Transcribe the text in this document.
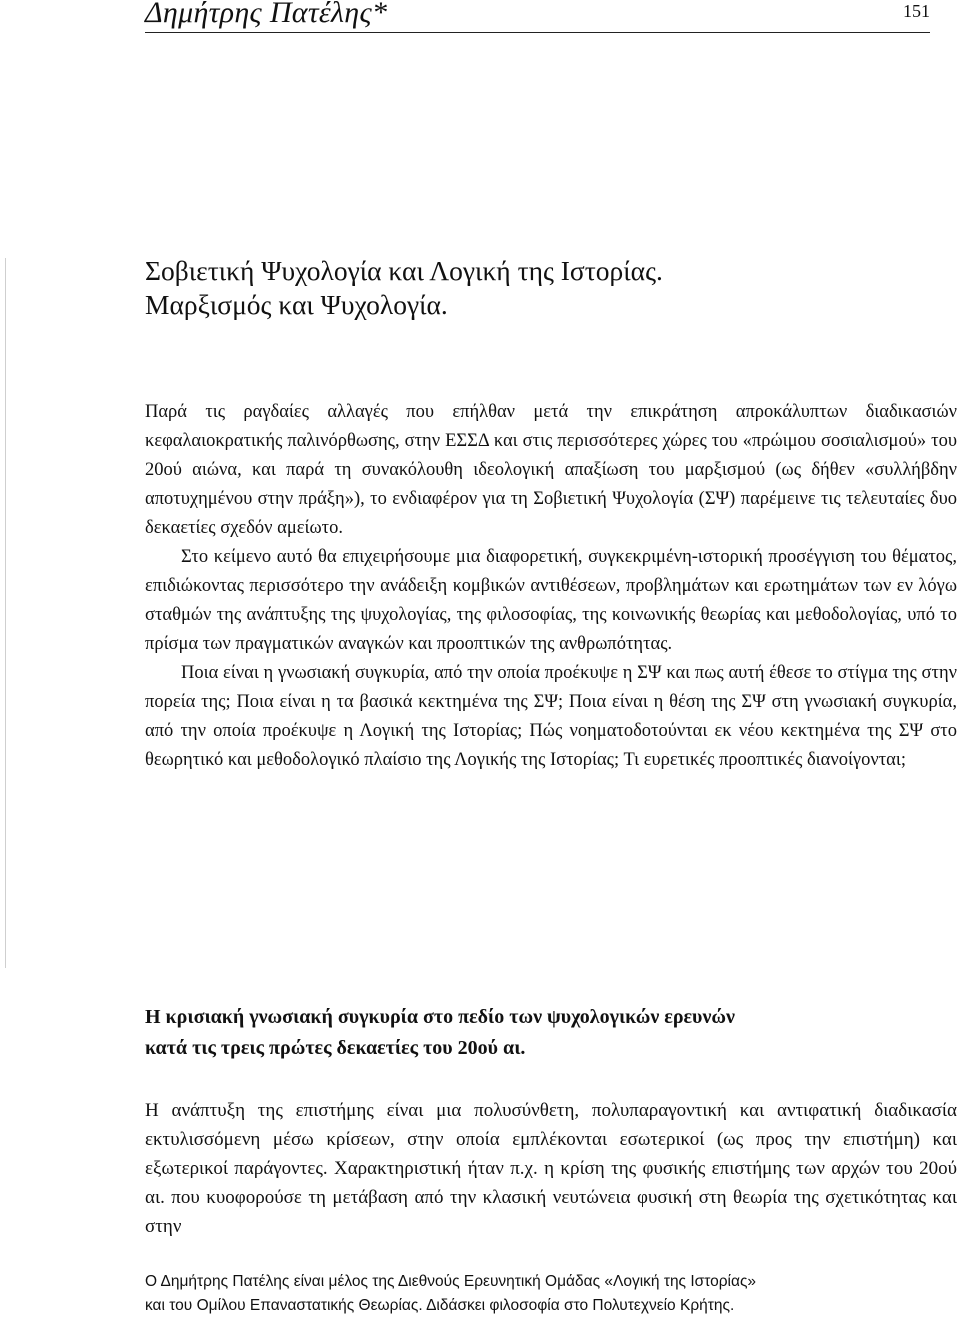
Δημήτρης Πατέλης*	151
Σοβιετική Ψυχολογία και Λογική της Ιστορίας.
Μαρξισμός και Ψυχολογία.

Παρά τις ραγδαίες αλλαγές που επήλθαν μετά την επικράτηση απροκάλυπτων διαδικασιών κεφαλαιοκρατικής παλινόρθωσης, στην ΕΣΣΔ και στις περισσότερες χώρες του «πρώιμου σοσιαλισμού» του 20ού αιώνα, και παρά τη συνακόλουθη ιδεολογική απαξίωση του μαρξισμού (ως δήθεν «συλλήβδην αποτυχημένου στην πράξη»), το ενδιαφέρον για τη Σοβιετική Ψυχολογία (ΣΨ) παρέμεινε τις τελευταίες δυο δεκαετίες σχεδόν αμείωτο.

Στο κείμενο αυτό θα επιχειρήσουμε μια διαφορετική, συγκεκριμένη-ιστορική προσέγγιση του θέματος, επιδιώκοντας περισσότερο την ανάδειξη κομβικών αντιθέσεων, προβλημάτων και ερωτημάτων των εν λόγω σταθμών της ανάπτυξης της ψυχολογίας, της φιλοσοφίας, της κοινωνικής θεωρίας και μεθοδολογίας, υπό το πρίσμα των πραγματικών αναγκών και προοπτικών της ανθρωπότητας.

Ποια είναι η γνωσιακή συγκυρία, από την οποία προέκυψε η ΣΨ και πως αυτή έθεσε το στίγμα της στην πορεία της; Ποια είναι η τα βασικά κεκτημένα της ΣΨ; Ποια είναι η θέση της ΣΨ στη γνωσιακή συγκυρία, από την οποία προέκυψε η Λογική της Ιστορίας; Πώς νοηματοδοτούνται εκ νέου κεκτημένα της ΣΨ στο θεωρητικό και μεθοδολογικό πλαίσιο της Λογικής της Ιστορίας; Τι ευρετικές προοπτικές διανοίγονται;

Η κρισιακή γνωσιακή συγκυρία στο πεδίο των ψυχολογικών ερευνών
κατά τις τρεις πρώτες δεκαετίες του 20ού αι.

Η ανάπτυξη της επιστήμης είναι μια πολυσύνθετη, πολυπαραγοντική και αντιφατική διαδικασία εκτυλισσόμενη μέσω κρίσεων, στην οποία εμπλέκονται εσωτερικοί (ως προς την επιστήμη) και εξωτερικοί παράγοντες. Χαρακτηριστική ήταν π.χ. η κρίση της φυσικής επιστήμης των αρχών του 20ού αι. που κυοφορούσε τη μετάβαση από την κλασική νευτώνεια φυσική στη θεωρία της σχετικότητας και στην

Ο Δημήτρης Πατέλης είναι μέλος της Διεθνούς Ερευνητική Ομάδας «Λογική της Ιστορίας»
και του Ομίλου Επαναστατικής Θεωρίας. Διδάσκει φιλοσοφία στο Πολυτεχνείο Κρήτης.
